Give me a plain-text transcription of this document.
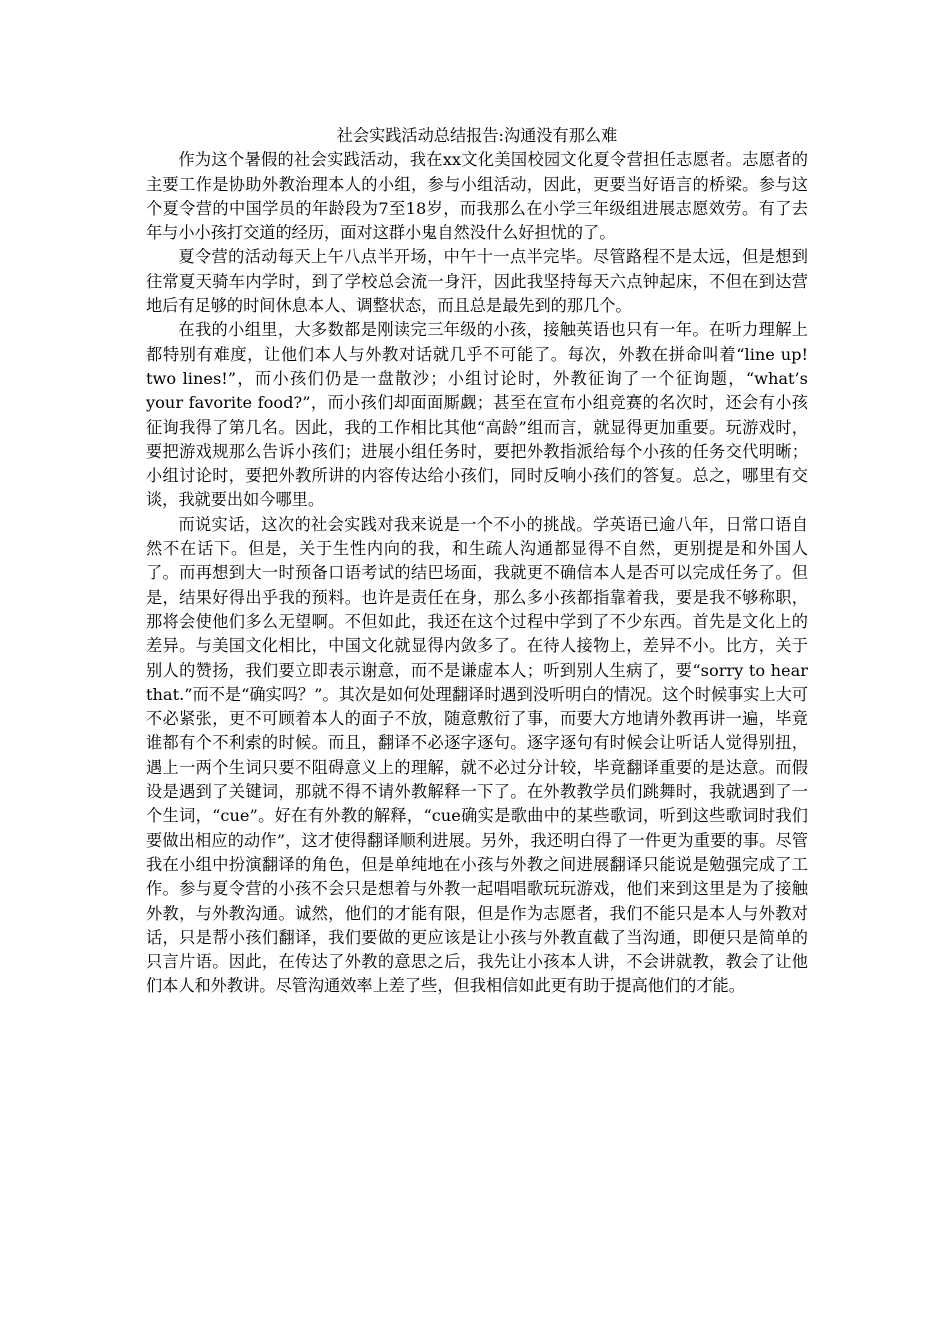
社会实践活动总结报告:沟通没有那么难

作为这个暑假的社会实践活动，我在xx文化美国校园文化夏令营担任志愿者。志愿者的主要工作是协助外教治理本人的小组，参与小组活动，因此，更要当好语言的桥梁。参与这个夏令营的中国学员的年龄段为7至18岁，而我那么在小学三年级组进展志愿效劳。有了去年与小小孩打交道的经历，面对这群小鬼自然没什么好担忧的了。

夏令营的活动每天上午八点半开场，中午十一点半完毕。尽管路程不是太远，但是想到往常夏天骑车内学时，到了学校总会流一身汗，因此我坚持每天六点钟起床，不但在到达营地后有足够的时间休息本人、调整状态，而且总是最先到的那几个。

在我的小组里，大多数都是刚读完三年级的小孩，接触英语也只有一年。在听力理解上都特别有难度，让他们本人与外教对话就几乎不可能了。每次，外教在拼命叫着“line up! two lines!”，而小孩们仍是一盘散沙；小组讨论时，外教征询了一个征询题，“what’s your favorite food?”，而小孩们却面面厮觑；甚至在宣布小组竞赛的名次时，还会有小孩征询我得了第几名。因此，我的工作相比其他“高龄”组而言，就显得更加重要。玩游戏时，要把游戏规那么告诉小孩们；进展小组任务时，要把外教指派给每个小孩的任务交代明晰；小组讨论时，要把外教所讲的内容传达给小孩们，同时反响小孩们的答复。总之，哪里有交谈，我就要出如今哪里。

而说实话，这次的社会实践对我来说是一个不小的挑战。学英语已逾八年，日常口语自然不在话下。但是，关于生性内向的我，和生疏人沟通都显得不自然，更别提是和外国人了。而再想到大一时预备口语考试的结巴场面，我就更不确信本人是否可以完成任务了。但是，结果好得出乎我的预料。也许是责任在身，那么多小孩都指靠着我，要是我不够称职，那将会使他们多么无望啊。不但如此，我还在这个过程中学到了不少东西。首先是文化上的差异。与美国文化相比，中国文化就显得内敛多了。在待人接物上，差异不小。比方，关于别人的赞扬，我们要立即表示谢意，而不是谦虚本人；听到别人生病了，要“sorry to hear that.”而不是“确实吗？”。其次是如何处理翻译时遇到没听明白的情况。这个时候事实上大可不必紧张，更不可顾着本人的面子不放，随意敷衍了事，而要大方地请外教再讲一遍，毕竟谁都有个不利索的时候。而且，翻译不必逐字逐句。逐字逐句有时候会让听话人觉得别扭，遇上一两个生词只要不阻碍意义上的理解，就不必过分计较，毕竟翻译重要的是达意。而假设是遇到了关键词，那就不得不请外教解释一下了。在外教教学员们跳舞时，我就遇到了一个生词，“cue”。好在有外教的解释，“cue确实是歌曲中的某些歌词，听到这些歌词时我们要做出相应的动作”，这才使得翻译顺利进展。另外，我还明白得了一件更为重要的事。尽管我在小组中扮演翻译的角色，但是单纯地在小孩与外教之间进展翻译只能说是勉强完成了工作。参与夏令营的小孩不会只是想着与外教一起唱唱歌玩玩游戏，他们来到这里是为了接触外教，与外教沟通。诚然，他们的才能有限，但是作为志愿者，我们不能只是本人与外教对话，只是帮小孩们翻译，我们要做的更应该是让小孩与外教直截了当沟通，即便只是简单的只言片语。因此，在传达了外教的意思之后，我先让小孩本人讲，不会讲就教，教会了让他们本人和外教讲。尽管沟通效率上差了些，但我相信如此更有助于提高他们的才能。
